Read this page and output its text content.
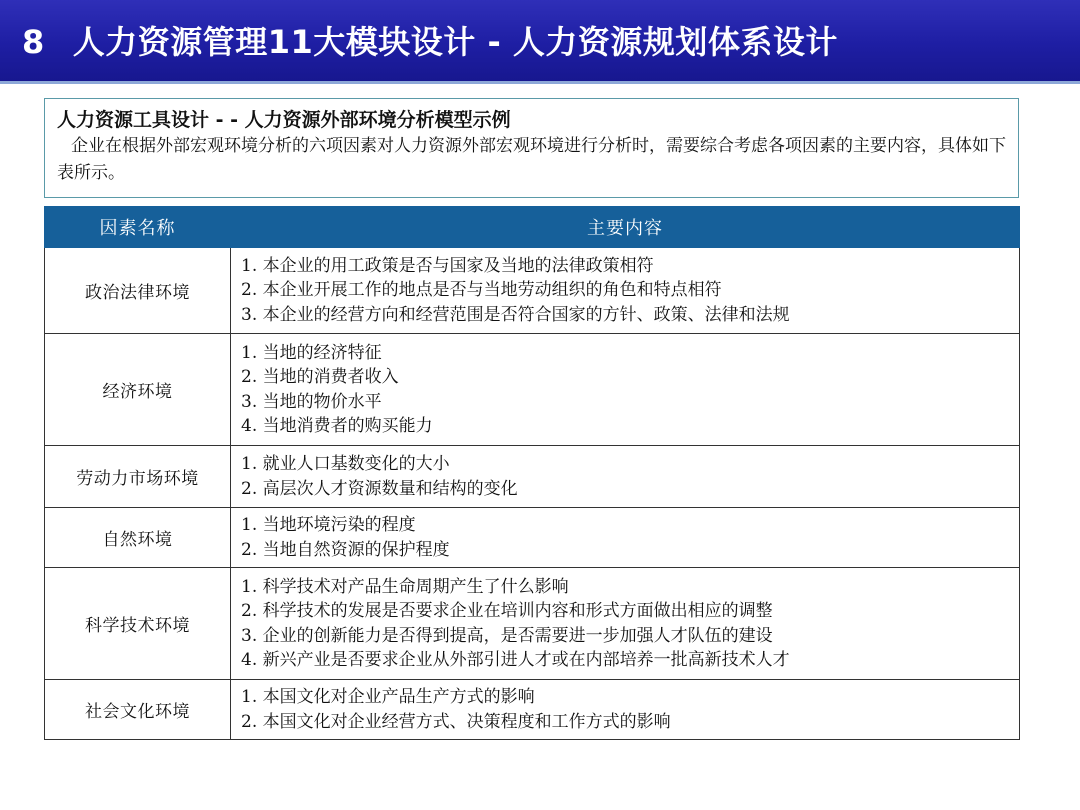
8 人力资源管理11大模块设计 - 人力资源规划体系设计
人力资源工具设计 - - 人力资源外部环境分析模型示例
企业在根据外部宏观环境分析的六项因素对人力资源外部宏观环境进行分析时，需要综合考虑各项因素的主要内容，具体如下表所示。
因素名称	主要内容
政治法律环境	1. 本企业的用工政策是否与国家及当地的法律政策相符
2. 本企业开展工作的地点是否与当地劳动组织的角色和特点相符
3. 本企业的经营方向和经营范围是否符合国家的方针、政策、法律和法规

经济环境	1. 当地的经济特征
2. 当地的消费者收入
3. 当地的物价水平
4. 当地消费者的购买能力

劳动力市场环境	1. 就业人口基数变化的大小
2. 高层次人才资源数量和结构的变化

自然环境	1. 当地环境污染的程度
2. 当地自然资源的保护程度

科学技术环境	1. 科学技术对产品生命周期产生了什么影响
2. 科学技术的发展是否要求企业在培训内容和形式方面做出相应的调整
3. 企业的创新能力是否得到提高，是否需要进一步加强人才队伍的建设
4. 新兴产业是否要求企业从外部引进人才或在内部培养一批高新技术人才

社会文化环境	1. 本国文化对企业产品生产方式的影响
2. 本国文化对企业经营方式、决策程度和工作方式的影响
